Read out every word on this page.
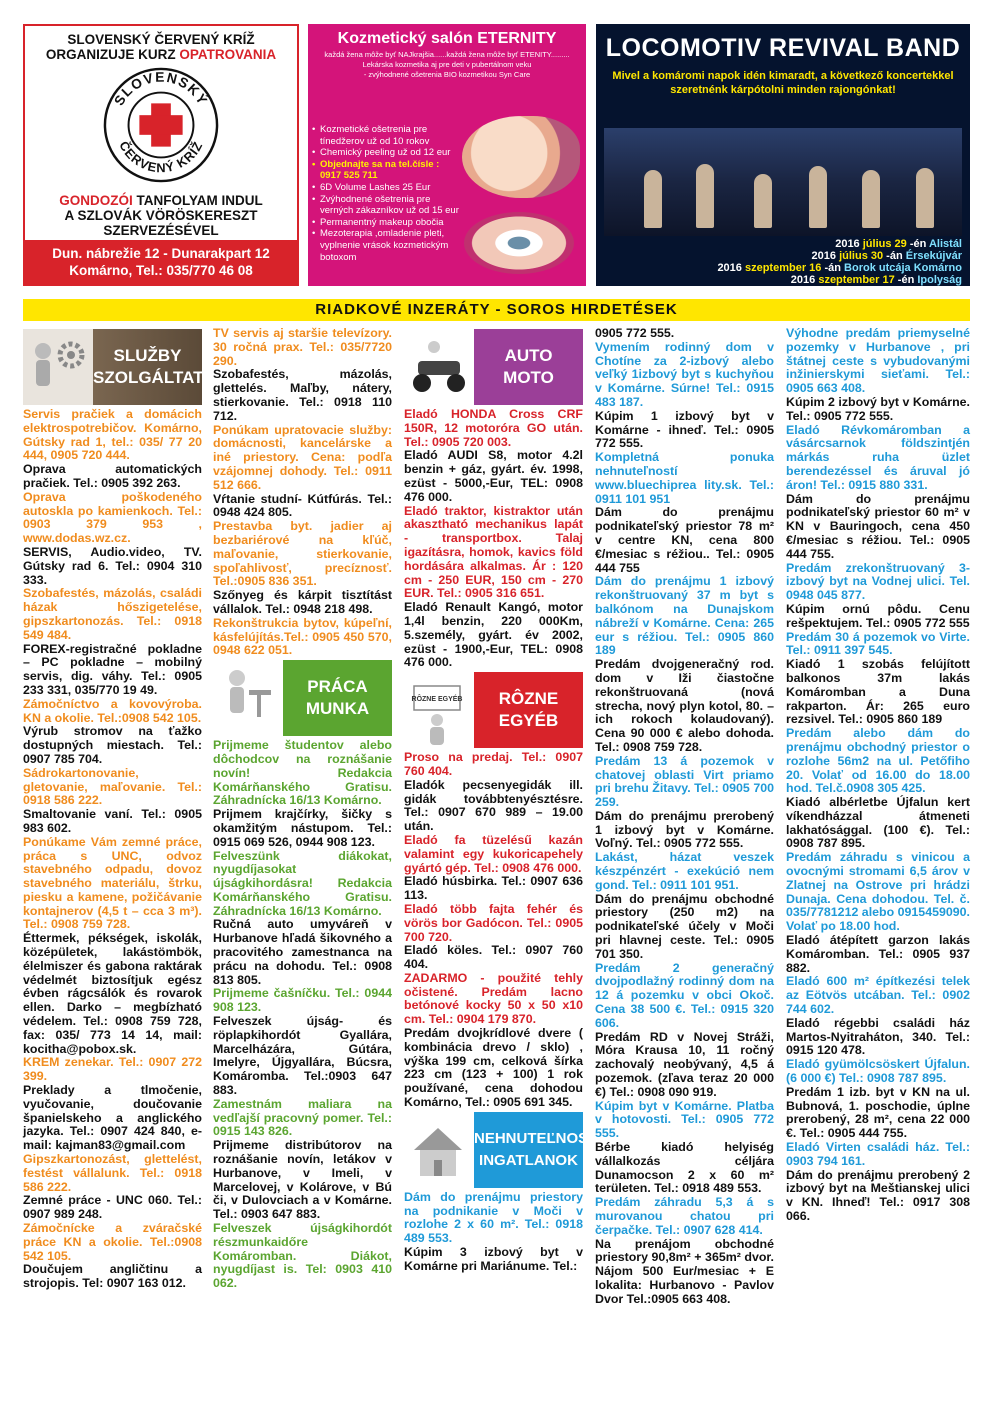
SLOVENSKÝ ČERVENÝ KRÍŽ
ORGANIZUJE KURZ OPATROVANIA
SLOVENSKÝ
ČERVENÝ KRÍŽ
GONDOZÓI TANFOLYAM INDUL
A SZLOVÁK VÖRÖSKERESZT
SZERVEZÉSÉVEL
Dun. nábrežie 12 - Dunarakpart 12
Komárno, Tel.: 035/770 46 08
Kozmetický salón ETERNITY
každá žena môže byť NAJkrajšia......každá žena môže byť ETENITY.........
Lekárska kozmetika aj pre deti v pubertálnom veku
- zvýhodnené ošetrenia BIO kozmetikou Syn Care
• Kozmetické ošetrenia pre tínedžerov už od 10 rokov
• Chemický peeling už od 12 eur
• Objednajte sa na tel.čísle : 0917 525 711
• 6D Volume Lashes 25 Eur
• Zvýhodnené ošetrenia pre verných zákazníkov už od 15 eur
• Permanentný makeup obočia
• Mezoterapia ,omladenie pleti, vyplnenie vrások kozmetickým botoxom
LOCOMOTIV REVIVAL BAND
Mivel a komáromi napok idén kimaradt, a következő koncertekkel szeretnénk kárpótolni minden rajongónkat!
2016 július 29 -én Alistál
2016 július 30 -án Érsekújvár
2016 szeptember 16 -án Borok utcája Komárno
2016 szeptember 17 -én Ipolyság
RIADKOVÉ INZERÁTY - SOROS HIRDETÉSEK
SLUŽBY
SZOLGÁLTATÁS

Servis pračiek a domácich elektrospotrebičov. Komárno, Gútsky rad 1, tel.: 035/ 77 20 444, 0905 720 444.

Oprava automatických pračiek. Tel.: 0905 392 263.

Oprava poškodeného autoskla po kamienkoch. Tel.: 0903 379 953 , www.dodas.wz.cz.

SERVIS, Audio.video, TV. Gútsky rad 6. Tel.: 0904 310 333.

Szobafestés, mázolás, családi házak hőszigetelése, gipszkartonozás. Tel.: 0918 549 484.

FOREX-registračné pokladne – PC pokladne – mobilný servis, dig. váhy. Tel.: 0905 233 331, 035/770 19 49.

Zámočníctvo a kovovýroba. KN a okolie. Tel.:0908 542 105.

Výrub stromov na ťažko dostupných miestach. Tel.: 0907 785 704.

Sádrokartonovanie, gletovanie, maľovanie. Tel.: 0918 586 222.

Smaltovanie vaní. Tel.: 0905 983 602.

Ponúkame Vám zemné práce, práca s UNC, odvoz stavebného odpadu, dovoz stavebného materiálu, štrku, piesku a kamene, požičávanie kontajnerov (4,5 t – cca 3 m³). Tel.: 0908 759 728.

Éttermek, pékségek, iskolák, középületek, lakástömbök, élelmiszer és gabona raktárak védelmét biztosítjuk egész évben rágcsálók és rovarok ellen. Darko – megbízható védelem. Tel.: 0908 759 728, fax: 035/ 773 14 14, mail: kocitha@pobox.sk.

KREM zenekar. Tel.: 0907 272 399.

Preklady a tlmočenie, vyučovanie, doučovanie španielskeho a anglického jazyka. Tel.: 0907 424 840, e-mail: kajman83@gmail.com

Gipszkartonozást, glettelést, festést vállalunk. Tel.: 0918 586 222.

Zemné práce - UNC 060. Tel.: 0907 989 248.

Zámočnícke a zváračské práce KN a okolie. Tel.:0908 542 105.

Doučujem angličtinu a strojopis. Tel: 0907 163 012.

TV servis aj staršie televízory. 30 ročná prax. Tel.: 035/7720 290.

Szobafestés, mázolás, glettelés. Maľby, nátery, stierkovanie. Tel.: 0918 110 712.

Ponúkam upratovacie služby: domácnosti, kancelárske a iné priestory. Cena: podľa vzájomnej dohody. Tel.: 0911 512 666.

Vŕtanie studní- Kútfúrás. Tel.: 0948 424 805.

Prestavba byt. jadier aj bezbariérové na kľúč, maľovanie, stierkovanie, spoľahlivosť, precíznosť. Tel.:0905 836 351.

Szőnyeg és kárpit tisztítást vállalok. Tel.: 0948 218 498.

Rekonštrukcia bytov, kúpeľní, kásfelújítás.Tel.: 0905 450 570, 0948 622 051.

PRÁCA
MUNKA

Prijmeme študentov alebo dôchodcov na roznášanie novín! Redakcia Komárňanského Gratisu. Záhradnícka 16/13 Komárno.

Prijmem krajčírky, šičky s okamžitým nástupom. Tel.: 0915 069 526, 0944 908 123.

Felveszünk diákokat, nyugdíjasokat újságkihordásra! Redakcia Komárňanského Gratisu. Záhradnícka 16/13 Komárno.

Ručná auto umyváreň v Hurbanove hľadá šikovného a pracovitého zamestnanca na prácu na dohodu. Tel.: 0908 813 805.

Prijmeme čašníčku. Tel.: 0944 908 123.

Felveszek újság- és röplapkihordót Gyallára, Marcelházára, Gútára, Imelyre, Újgyallára, Búcsra, Komáromba. Tel.:0903 647 883.

Zamestnám maliara na vedľajší pracovný pomer. Tel.: 0915 143 826.

Prijmeme distribútorov na roznášanie novín, letákov v Hurbanove, v Imeli, v Marcelovej, v Kolárove, v Bú či, v Dulovciach a v Komárne. Tel.: 0903 647 883.

Felveszek újságkihordót részmunkaidőre Komáromban. Diákot, nyugdíjast is. Tel: 0903 410 062.

AUTO
MOTO

Eladó HONDA Cross CRF 150R, 12 motoróra GO után. Tel.: 0905 720 003.

Eladó AUDI S8, motor 4.2l benzin + gáz, gyárt. év. 1998, ezüst - 5000,-Eur, TEL: 0908 476 000.

Eladó traktor, kistraktor után akasztható mechanikus lapát - transportbox. Talaj igazításra, homok, kavics föld hordására alkalmas. Ár : 120 cm - 250 EUR, 150 cm - 270 EUR. Tel.: 0905 316 651.

Eladó Renault Kangó, motor 1,4l benzin, 220 000Km, 5.személy, gyárt. év 2002, ezüst - 1900,-Eur, TEL: 0908 476 000.

RÔZNE EGYÉB	RÔZNE
EGYÉB

Proso na predaj. Tel.: 0907 760 404.

Eladók pecsenyegidák ill. gidák továbbtenyésztésre. Tel.: 0907 670 989 – 19.00 után.

Eladó fa tüzelésű kazán valamint egy kukoricapehely gyártó gép. Tel.: 0908 476 000.

Eladó húsbirka. Tel.: 0907 636 113.

Eladó több fajta fehér és vörös bor Gadócon. Tel.: 0905 700 720.

Eladó köles. Tel.: 0907 760 404.

ZADARMO - použité tehly očistené. Predám lacno betónové kocky 50 x 50 x10 cm. Tel.: 0904 179 870.

Predám dvojkrídlové dvere ( kombinácia drevo / sklo) , výška 199 cm, celková šírka 223 cm (123 + 100) 1 rok používané, cena dohodou Komárno, Tel.: 0905 691 345.

NEHNUTEĽNOSTI
INGATLANOK

Dám do prenájmu priestory na podnikanie v Moči v rozlohe 2 x 60 m². Tel.: 0918 489 553.

Kúpim 3 izbový byt v Komárne pri Mariánume. Tel.:

0905 772 555.

Vymením rodinný dom v Chotíne za 2-izbový alebo veľký 1izbový byt s kuchyňou v Komárne. Súrne! Tel.: 0915 483 187.

Kúpim 1 izbový byt v Komárne - ihneď. Tel.: 0905 772 555.

Kompletná ponuka nehnuteľností www.bluechiprea lity.sk. Tel.: 0911 101 951

Dám do prenájmu podnikateľský priestor 78 m² v centre KN, cena 800 €/mesiac s réžiou.. Tel.: 0905 444 755

Dám do prenájmu 1 izbový rekonštruovaný 37 m byt s balkónom na Dunajskom nábreží v Komárne. Cena: 265 eur s réžiou. Tel.: 0905 860 189

Predám dvojgeneračný rod. dom v Iži čiastočne rekonštruovaná (nová strecha, nový plyn kotol, 80. –ich rokoch kolaudovaný). Cena 90 000 € alebo dohoda. Tel.: 0908 759 728.

Predám 13 á pozemok v chatovej oblasti Virt priamo pri brehu Žitavy. Tel.: 0905 700 259.

Dám do prenájmu prerobený 1 izbový byt v Komárne. Voľný. Tel.: 0905 772 555.

Lakást, házat veszek készpénzért - exekúció nem gond. Tel.: 0911 101 951.

Dám do prenájmu obchodné priestory (250 m2) na podnikateľské účely v Moči pri hlavnej ceste. Tel.: 0905 701 350.

Predám 2 generačný dvojpodlažný rodinný dom na 12 á pozemku v obci Okoč. Cena 38 500 €. Tel.: 0915 320 606.

Predám RD v Novej Stráži, Móra Krausa 10, 11 ročný zachovalý neobývaný, 4,5 á pozemok. (zľava teraz 20 000 €) Tel.: 0908 090 919.

Kúpim byt v Komárne. Platba v hotovosti. Tel.: 0905 772 555.

Bérbe kiadó helyiség vállalkozás céljára Dunamocson 2 x 60 m² területen. Tel.: 0918 489 553.

Predám záhradu 5,3 á s murovanou chatou pri čerpačke. Tel.: 0907 628 414.

Na prenájom obchodné priestory 90,8m² + 365m² dvor. Nájom 500 Eur/mesiac + E lokalita: Hurbanovo - Pavlov Dvor Tel.:0905 663 408.

Výhodne predám priemyselné pozemky v Hurbanove , pri štátnej ceste s vybudovanými inžinierskymi sieťami. Tel.: 0905 663 408.

Kúpim 2 izbový byt v Komárne. Tel.: 0905 772 555.

Eladó Révkomáromban a vásárcsarnok földszintjén márkás ruha üzlet berendezéssel és áruval jó áron! Tel.: 0915 880 331.

Dám do prenájmu podnikateľský priestor 60 m² v KN v Bauringoch, cena 450 €/mesiac s réžiou. Tel.: 0905 444 755.

Predám zrekonštruovaný 3-izbový byt na Vodnej ulici. Tel. 0948 045 877.

Kúpim ornú pôdu. Cenu rešpektujem. Tel.: 0905 772 555

Predám 30 á pozemok vo Virte. Tel.: 0911 397 545.

Kiadó 1 szobás felújított balkonos 37m lakás Komáromban a Duna rakparton. Ár: 265 euro rezsivel. Tel.: 0905 860 189

Predám alebo dám do prenájmu obchodný priestor o rozlohe 56m2 na ul. Petőfiho 20. Volať od 16.00 do 18.00 hod. Tel.č.0908 305 425.

Kiadó albérletbe Újfalun kert víkendházzal átmeneti lakhatósággal. (100 €). Tel.: 0908 787 895.

Predám záhradu s vinicou a ovocnými stromami 6,5 árov v Zlatnej na Ostrove pri hrádzi Dunaja. Cena dohodou. Tel. č. 035/7781212 alebo 0915459090. Volať po 18.00 hod.

Eladó átépített garzon lakás Komáromban. Tel.: 0905 937 882.

Eladó 600 m² építkezési telek az Eötvös utcában. Tel.: 0902 744 602.

Eladó régebbi családi ház Martos-Nyitraháton, 340. Tel.: 0915 120 478.

Eladó gyümölcsöskert Újfalun. (6 000 €) Tel.: 0908 787 895.

Predám 1 izb. byt v KN na ul. Bubnová, 1. poschodie, úplne prerobený, 28 m², cena 22 000 €. Tel.: 0905 444 755.

Eladó Virten családi ház. Tel.: 0903 794 161.

Dám do prenájmu prerobený 2 izbový byt na Meštianskej ulici v KN. Ihneď! Tel.: 0917 308 066.
